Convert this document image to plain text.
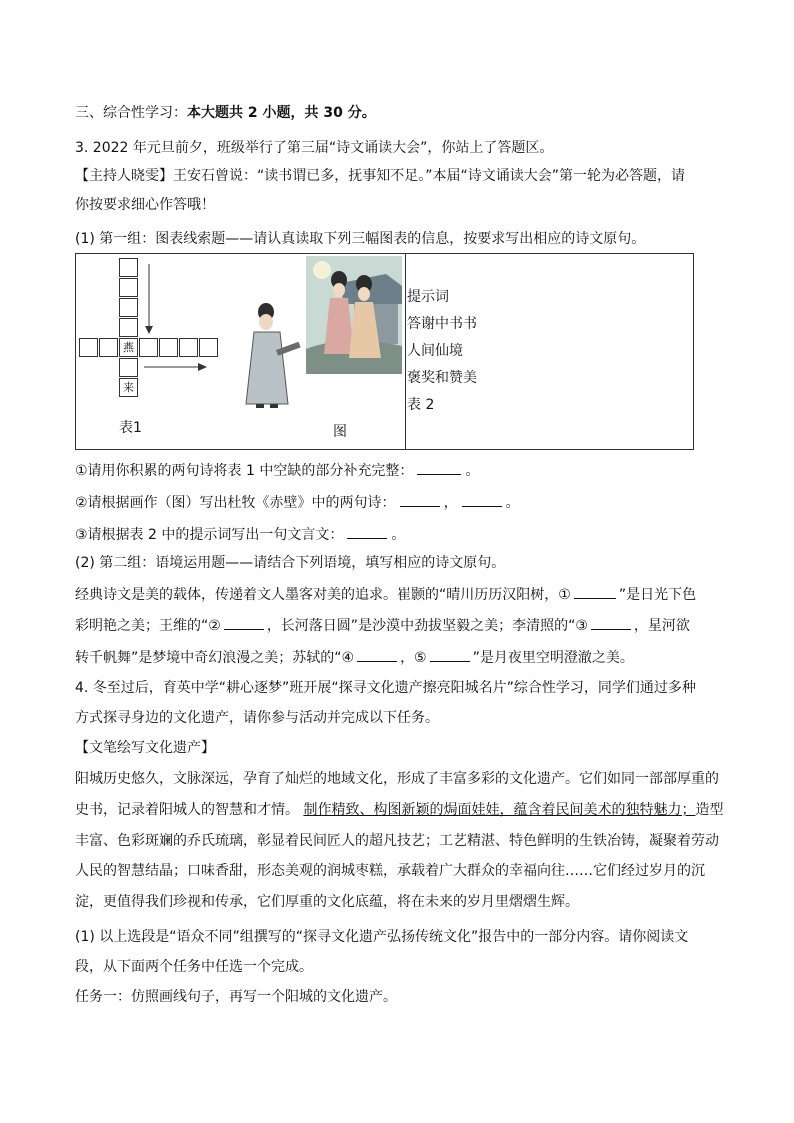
三、综合性学习：本大题共 2 小题，共 30 分。
3. 2022 年元旦前夕，班级举行了第三届“诗文诵读大会”，你站上了答题区。
【主持人晓雯】王安石曾说：“读书谓已多，抚事知不足。”本届“诗文诵读大会”第一轮为必答题，请
你按要求细心作答哦！
(1) 第一组：图表线索题——请认真读取下列三幅图表的信息，按要求写出相应的诗文原句。
燕
来
表1	图
提示词
答谢中书书
人间仙境
褒奖和赞美
表 2
①请用你积累的两句诗将表 1 中空缺的部分补充完整：	。
②请根据画作（图）写出杜牧《赤壁》中的两句诗：	，	。
③请根据表 2 中的提示词写出一句文言文：	。
(2) 第二组：语境运用题——请结合下列语境，填写相应的诗文原句。
经典诗文是美的载体，传递着文人墨客对美的追求。崔颢的“晴川历历汉阳树，①	”是日光下色
彩明艳之美；王维的“②	，长河落日圆”是沙漠中劲拔坚毅之美；李清照的“③	，星河欲
转千帆舞”是梦境中奇幻浪漫之美；苏轼的“④	，⑤	”是月夜里空明澄澈之美。
4. 冬至过后，育英中学“耕心逐梦”班开展“探寻文化遗产擦亮阳城名片”综合性学习，同学们通过多种
方式探寻身边的文化遗产，请你参与活动并完成以下任务。
【文笔绘写文化遗产】
阳城历史悠久，文脉深远，孕育了灿烂的地域文化，形成了丰富多彩的文化遗产。它们如同一部部厚重的
史书，记录着阳城人的智慧和才情。 制作精致、构图新颖的焗面娃娃，蕴含着民间美术的独特魅力；造型
丰富、色彩斑斓的乔氏琉璃，彰显着民间匠人的超凡技艺；工艺精湛、特色鲜明的生铁冶铸，凝聚着劳动
人民的智慧结晶；口味香甜，形态美观的润城枣糕，承载着广大群众的幸福向往……它们经过岁月的沉
淀，更值得我们珍视和传承，它们厚重的文化底蕴，将在未来的岁月里熠熠生辉。
(1) 以上选段是“语众不同”组撰写的“探寻文化遗产弘扬传统文化”报告中的一部分内容。请你阅读文
段，从下面两个任务中任选一个完成。
任务一：仿照画线句子，再写一个阳城的文化遗产。
